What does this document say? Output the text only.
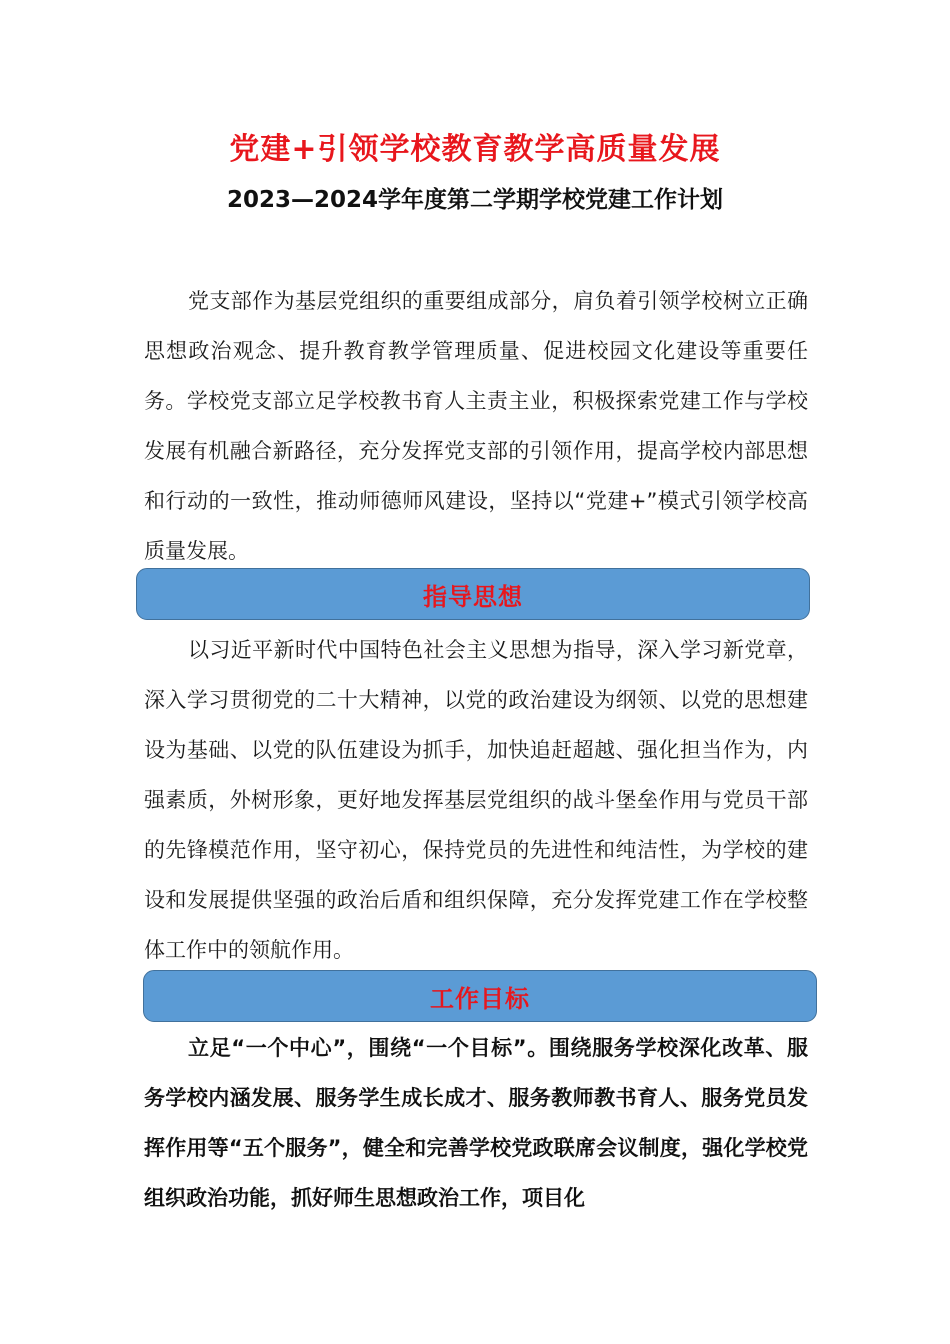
党建+引领学校教育教学高质量发展
2023—2024学年度第二学期学校党建工作计划

党支部作为基层党组织的重要组成部分，肩负着引领学校树立正确思想政治观念、提升教育教学管理质量、促进校园文化建设等重要任务。学校党支部立足学校教书育人主责主业，积极探索党建工作与学校发展有机融合新路径，充分发挥党支部的引领作用，提高学校内部思想和行动的一致性，推动师德师风建设，坚持以“党建+”模式引领学校高质量发展。

指导思想

以习近平新时代中国特色社会主义思想为指导，深入学习新党章，深入学习贯彻党的二十大精神，以党的政治建设为纲领、以党的思想建设为基础、以党的队伍建设为抓手，加快追赶超越、强化担当作为，内强素质，外树形象，更好地发挥基层党组织的战斗堡垒作用与党员干部的先锋模范作用，坚守初心，保持党员的先进性和纯洁性，为学校的建设和发展提供坚强的政治后盾和组织保障，充分发挥党建工作在学校整体工作中的领航作用。

工作目标

立足“一个中心”，围绕“一个目标”。围绕服务学校深化改革、服务学校内涵发展、服务学生成长成才、服务教师教书育人、服务党员发挥作用等“五个服务”，健全和完善学校党政联席会议制度，强化学校党组织政治功能，抓好师生思想政治工作，项目化
